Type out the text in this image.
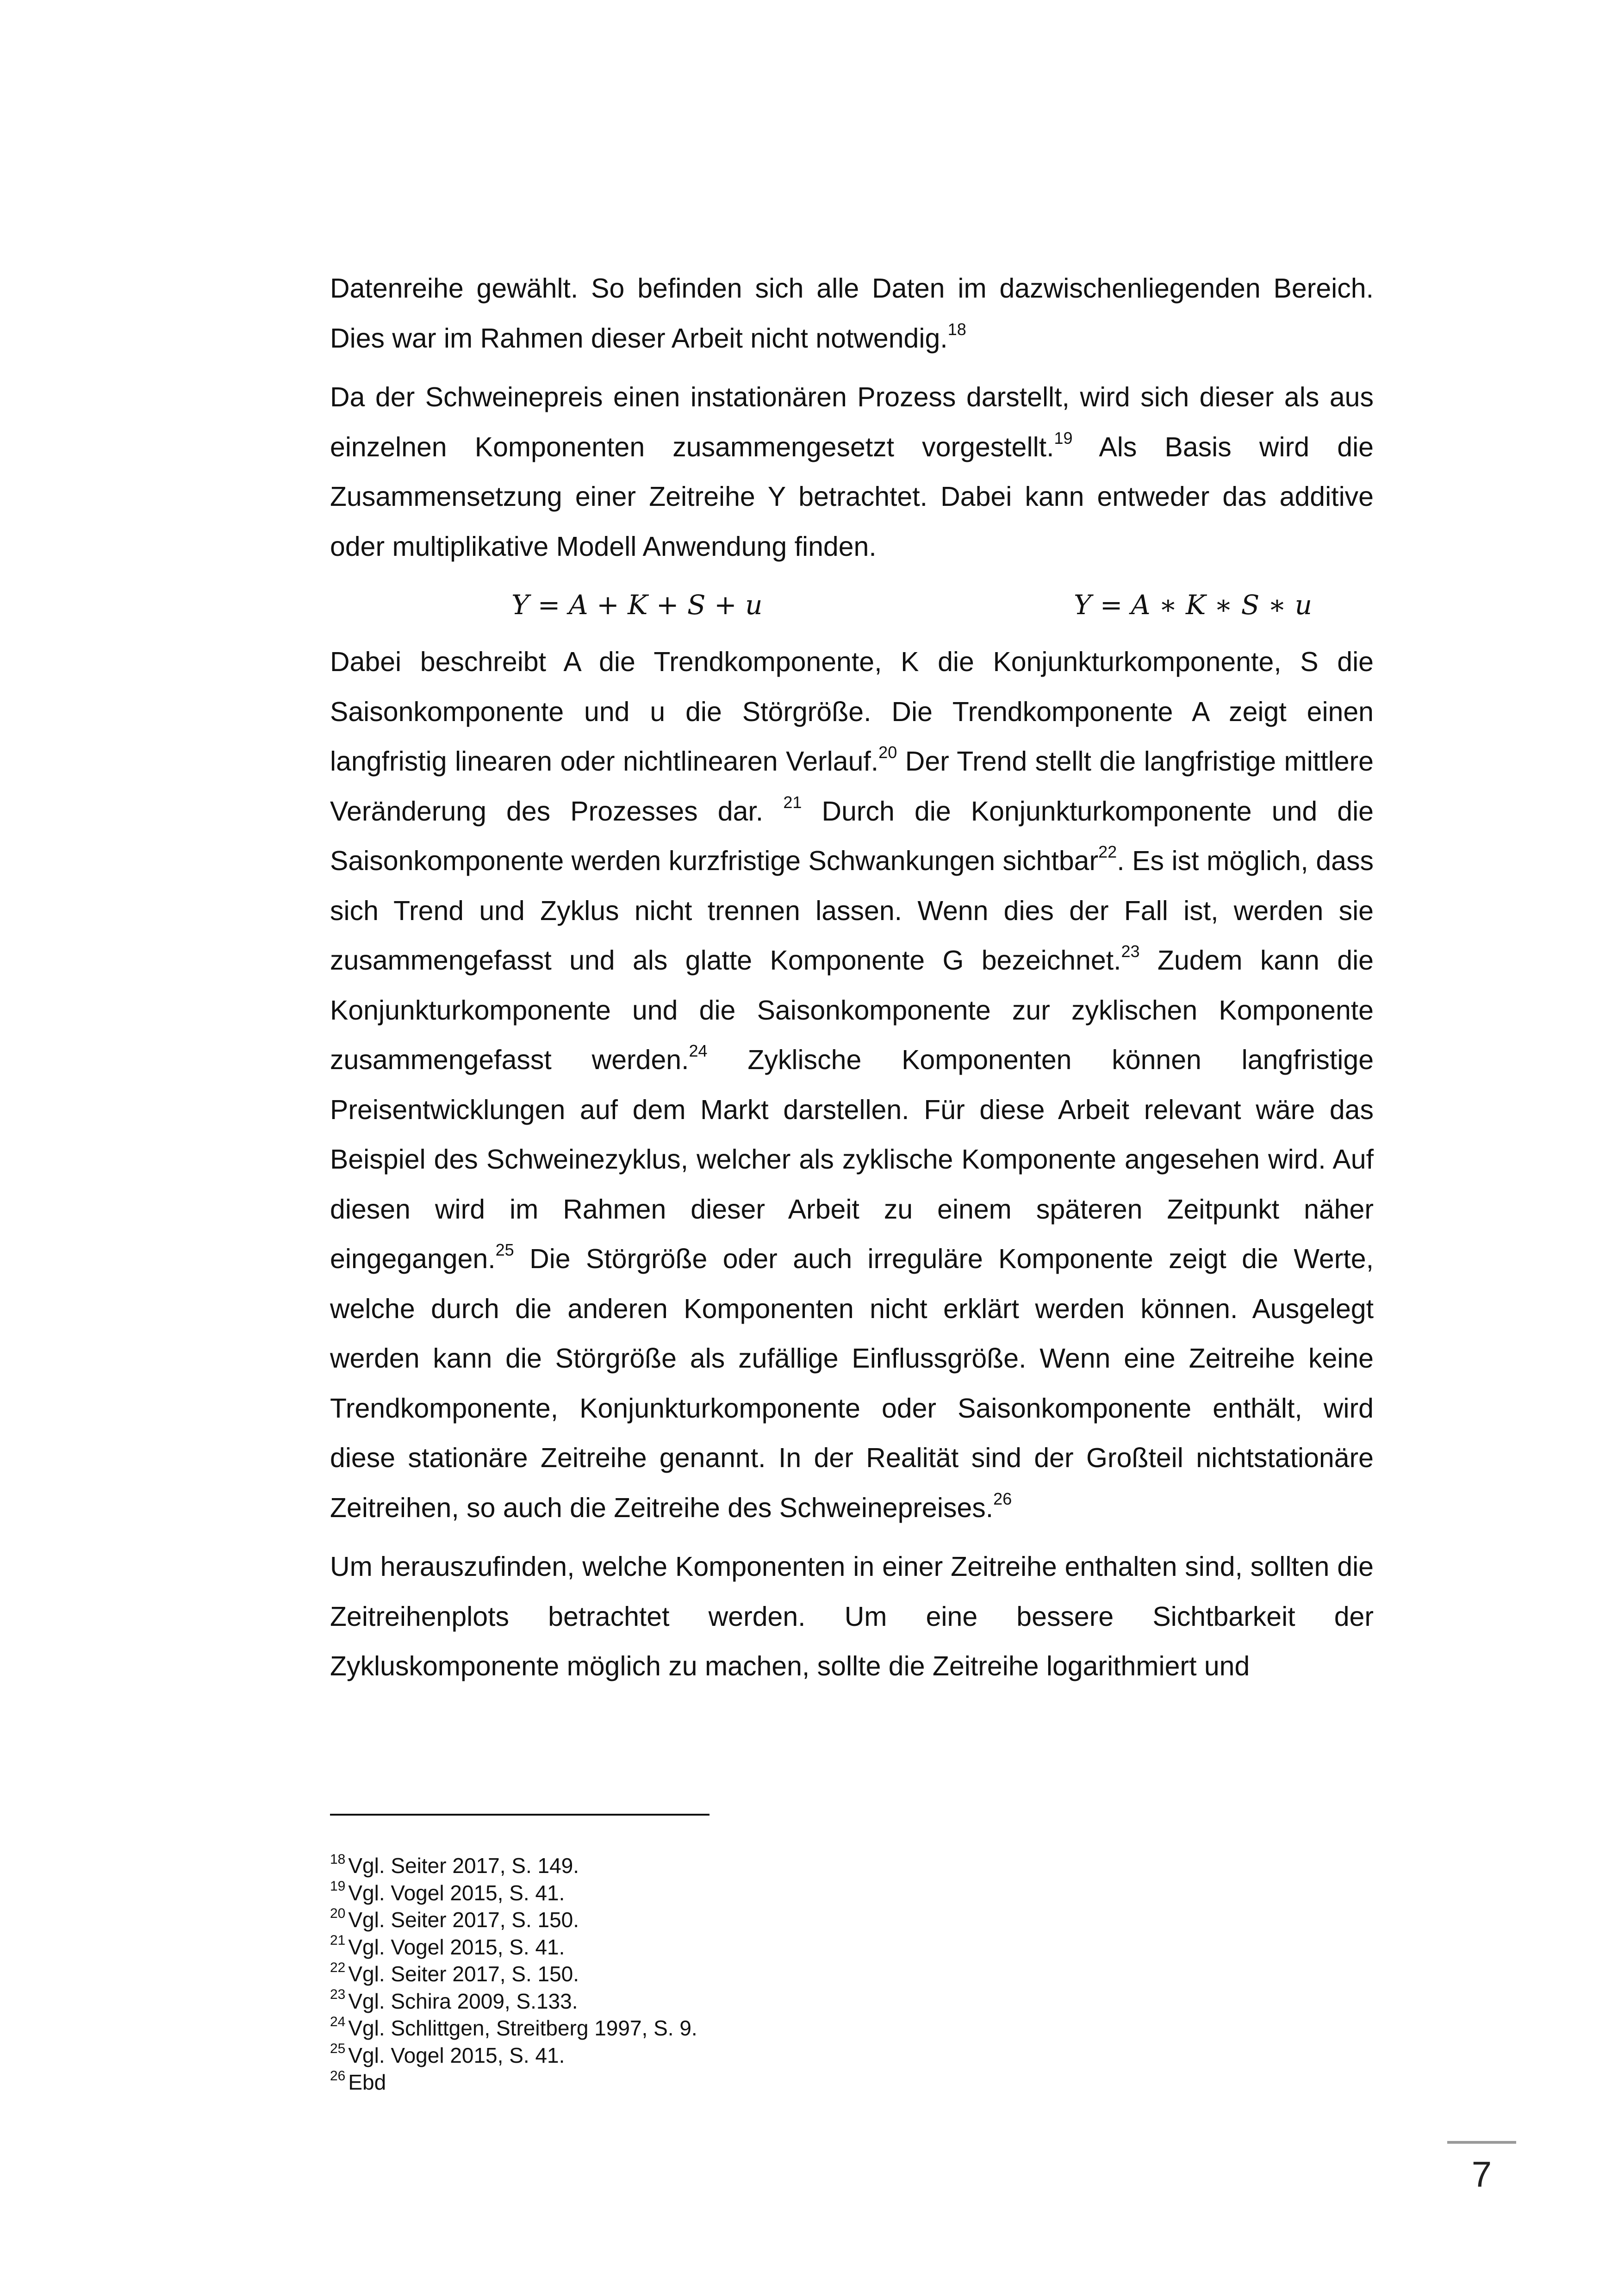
Datenreihe gewählt. So befinden sich alle Daten im dazwischenliegenden Bereich. Dies war im Rahmen dieser Arbeit nicht notwendig.$^{18}$

Da der Schweinepreis einen instationären Prozess darstellt, wird sich dieser als aus einzelnen Komponenten zusammengesetzt vorgestellt.$^{19}$ Als Basis wird die Zusammensetzung einer Zeitreihe Y betrachtet. Dabei kann entweder das additive oder multiplikative Modell Anwendung finden.

Y = A + K + S + u	Y = A ∗ K ∗ S ∗ u

Dabei beschreibt A die Trendkomponente, K die Konjunkturkomponente, S die Saisonkomponente und u die Störgröße. Die Trendkomponente A zeigt einen langfristig linearen oder nichtlinearen Verlauf.$^{20}$ Der Trend stellt die langfristige mittlere Veränderung des Prozesses dar. $^{21}$ Durch die Konjunkturkomponente und die Saisonkomponente werden kurzfristige Schwankungen sichtbar$^{22}$. Es ist möglich, dass sich Trend und Zyklus nicht trennen lassen. Wenn dies der Fall ist, werden sie zusammengefasst und als glatte Komponente G bezeichnet.$^{23}$ Zudem kann die Konjunkturkomponente und die Saisonkomponente zur zyklischen Komponente zusammengefasst werden.$^{24}$ Zyklische Komponenten können langfristige Preisentwicklungen auf dem Markt darstellen. Für diese Arbeit relevant wäre das Beispiel des Schweinezyklus, welcher als zyklische Komponente angesehen wird. Auf diesen wird im Rahmen dieser Arbeit zu einem späteren Zeitpunkt näher eingegangen.$^{25}$ Die Störgröße oder auch irreguläre Komponente zeigt die Werte, welche durch die anderen Komponenten nicht erklärt werden können. Ausgelegt werden kann die Störgröße als zufällige Einflussgröße. Wenn eine Zeitreihe keine Trendkomponente, Konjunkturkomponente oder Saisonkomponente enthält, wird diese stationäre Zeitreihe genannt. In der Realität sind der Großteil nichtstationäre Zeitreihen, so auch die Zeitreihe des Schweinepreises.$^{26}$

Um herauszufinden, welche Komponenten in einer Zeitreihe enthalten sind, sollten die Zeitreihenplots betrachtet werden. Um eine bessere Sichtbarkeit der Zykluskomponente möglich zu machen, sollte die Zeitreihe logarithmiert und

$^{18}$ Vgl. Seiter 2017, S. 149.
$^{19}$ Vgl. Vogel 2015, S. 41.
$^{20}$ Vgl. Seiter 2017, S. 150.
$^{21}$ Vgl. Vogel 2015, S. 41.
$^{22}$ Vgl. Seiter 2017, S. 150.
$^{23}$ Vgl. Schira 2009, S.133.
$^{24}$ Vgl. Schlittgen, Streitberg 1997, S. 9.
$^{25}$ Vgl. Vogel 2015, S. 41.
$^{26}$ Ebd
7
